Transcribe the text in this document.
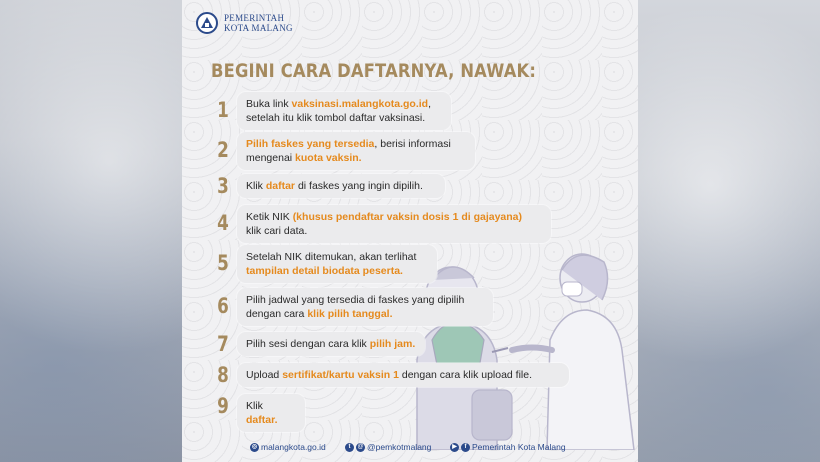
PEMERINTAH
KOTA MALANG
BEGINI CARA DAFTARNYA, NAWAK:
1	Buka link vaksinasi.malangkota.go.id,
setelah itu klik tombol daftar vaksinasi.
2	Pilih faskes yang tersedia, berisi informasi
mengenai kuota vaksin.
3	Klik daftar di faskes yang ingin dipilih.
4	Ketik NIK (khusus pendaftar vaksin dosis 1 di gajayana)
klik cari data.
5	Setelah NIK ditemukan, akan terlihat
tampilan detail biodata peserta.
6	Pilih jadwal yang tersedia di faskes yang dipilih
dengan cara klik pilih tanggal.
7	Pilih sesi dengan cara klik pilih jam.
8	Upload sertifikat/kartu vaksin 1 dengan cara klik upload file.
9	Klik daftar.
◎ malangkota.go.id	t	@ @pemkotmalang	▶	f Pemerintah Kota Malang
